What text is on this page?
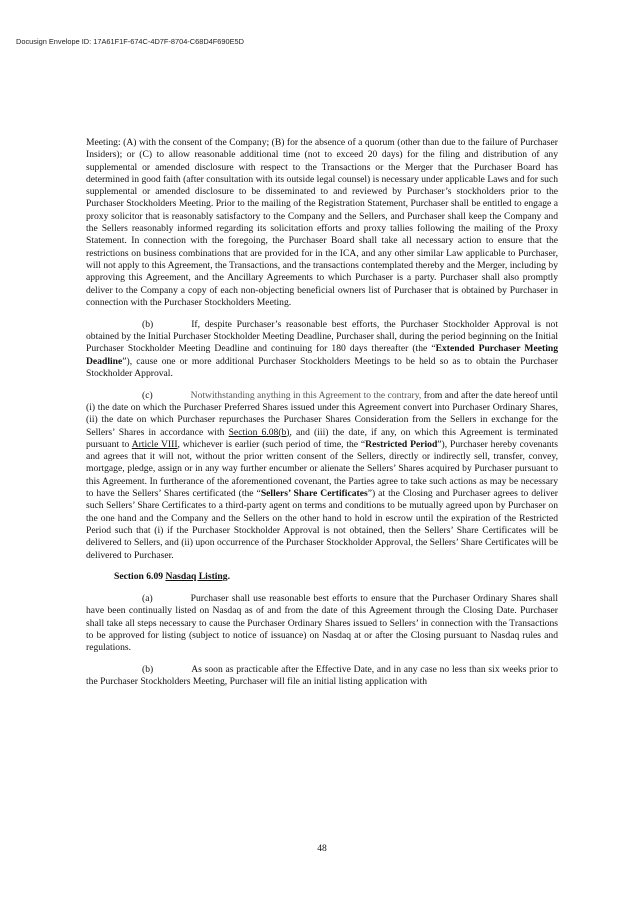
Docusign Envelope ID: 17A61F1F-674C-4D7F-8704-C68D4F690E5D

Meeting: (A) with the consent of the Company; (B) for the absence of a quorum (other than due to the failure of Purchaser Insiders); or (C) to allow reasonable additional time (not to exceed 20 days) for the filing and distribution of any supplemental or amended disclosure with respect to the Transactions or the Merger that the Purchaser Board has determined in good faith (after consultation with its outside legal counsel) is necessary under applicable Laws and for such supplemental or amended disclosure to be disseminated to and reviewed by Purchaser’s stockholders prior to the Purchaser Stockholders Meeting. Prior to the mailing of the Registration Statement, Purchaser shall be entitled to engage a proxy solicitor that is reasonably satisfactory to the Company and the Sellers, and Purchaser shall keep the Company and the Sellers reasonably informed regarding its solicitation efforts and proxy tallies following the mailing of the Proxy Statement. In connection with the foregoing, the Purchaser Board shall take all necessary action to ensure that the restrictions on business combinations that are provided for in the ICA, and any other similar Law applicable to Purchaser, will not apply to this Agreement, the Transactions, and the transactions contemplated thereby and the Merger, including by approving this Agreement, and the Ancillary Agreements to which Purchaser is a party. Purchaser shall also promptly deliver to the Company a copy of each non-objecting beneficial owners list of Purchaser that is obtained by Purchaser in connection with the Purchaser Stockholders Meeting.

(b)	If, despite Purchaser’s reasonable best efforts, the Purchaser Stockholder Approval is not obtained by the Initial Purchaser Stockholder Meeting Deadline, Purchaser shall, during the period beginning on the Initial Purchaser Stockholder Meeting Deadline and continuing for 180 days thereafter (the “Extended Purchaser Meeting Deadline”), cause one or more additional Purchaser Stockholders Meetings to be held so as to obtain the Purchaser Stockholder Approval.

(c)	Notwithstanding anything in this Agreement to the contrary, from and after the date hereof until (i) the date on which the Purchaser Preferred Shares issued under this Agreement convert into Purchaser Ordinary Shares, (ii) the date on which Purchaser repurchases the Purchaser Shares Consideration from the Sellers in exchange for the Sellers’ Shares in accordance with Section 6.08(b), and (iii) the date, if any, on which this Agreement is terminated pursuant to Article VIII, whichever is earlier (such period of time, the “Restricted Period”), Purchaser hereby covenants and agrees that it will not, without the prior written consent of the Sellers, directly or indirectly sell, transfer, convey, mortgage, pledge, assign or in any way further encumber or alienate the Sellers’ Shares acquired by Purchaser pursuant to this Agreement. In furtherance of the aforementioned covenant, the Parties agree to take such actions as may be necessary to have the Sellers’ Shares certificated (the “Sellers’ Share Certificates”) at the Closing and Purchaser agrees to deliver such Sellers’ Share Certificates to a third-party agent on terms and conditions to be mutually agreed upon by Purchaser on the one hand and the Company and the Sellers on the other hand to hold in escrow until the expiration of the Restricted Period such that (i) if the Purchaser Stockholder Approval is not obtained, then the Sellers’ Share Certificates will be delivered to Sellers, and (ii) upon occurrence of the Purchaser Stockholder Approval, the Sellers’ Share Certificates will be delivered to Purchaser.

Section 6.09 Nasdaq Listing.

(a)	Purchaser shall use reasonable best efforts to ensure that the Purchaser Ordinary Shares shall have been continually listed on Nasdaq as of and from the date of this Agreement through the Closing Date. Purchaser shall take all steps necessary to cause the Purchaser Ordinary Shares issued to Sellers’ in connection with the Transactions to be approved for listing (subject to notice of issuance) on Nasdaq at or after the Closing pursuant to Nasdaq rules and regulations.

(b)	As soon as practicable after the Effective Date, and in any case no less than six weeks prior to the Purchaser Stockholders Meeting, Purchaser will file an initial listing application with

48
